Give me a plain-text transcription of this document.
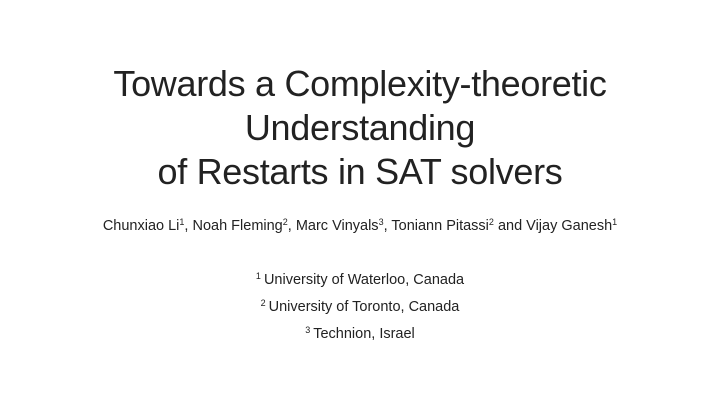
Towards a Complexity-theoretic
Understanding
of Restarts in SAT solvers
Chunxiao Li$^1$, Noah Fleming$^2$, Marc Vinyals$^3$, Toniann Pitassi$^2$ and Vijay Ganesh$^1$
$^1$ University of Waterloo, Canada
$^2$ University of Toronto, Canada
$^3$ Technion, Israel
